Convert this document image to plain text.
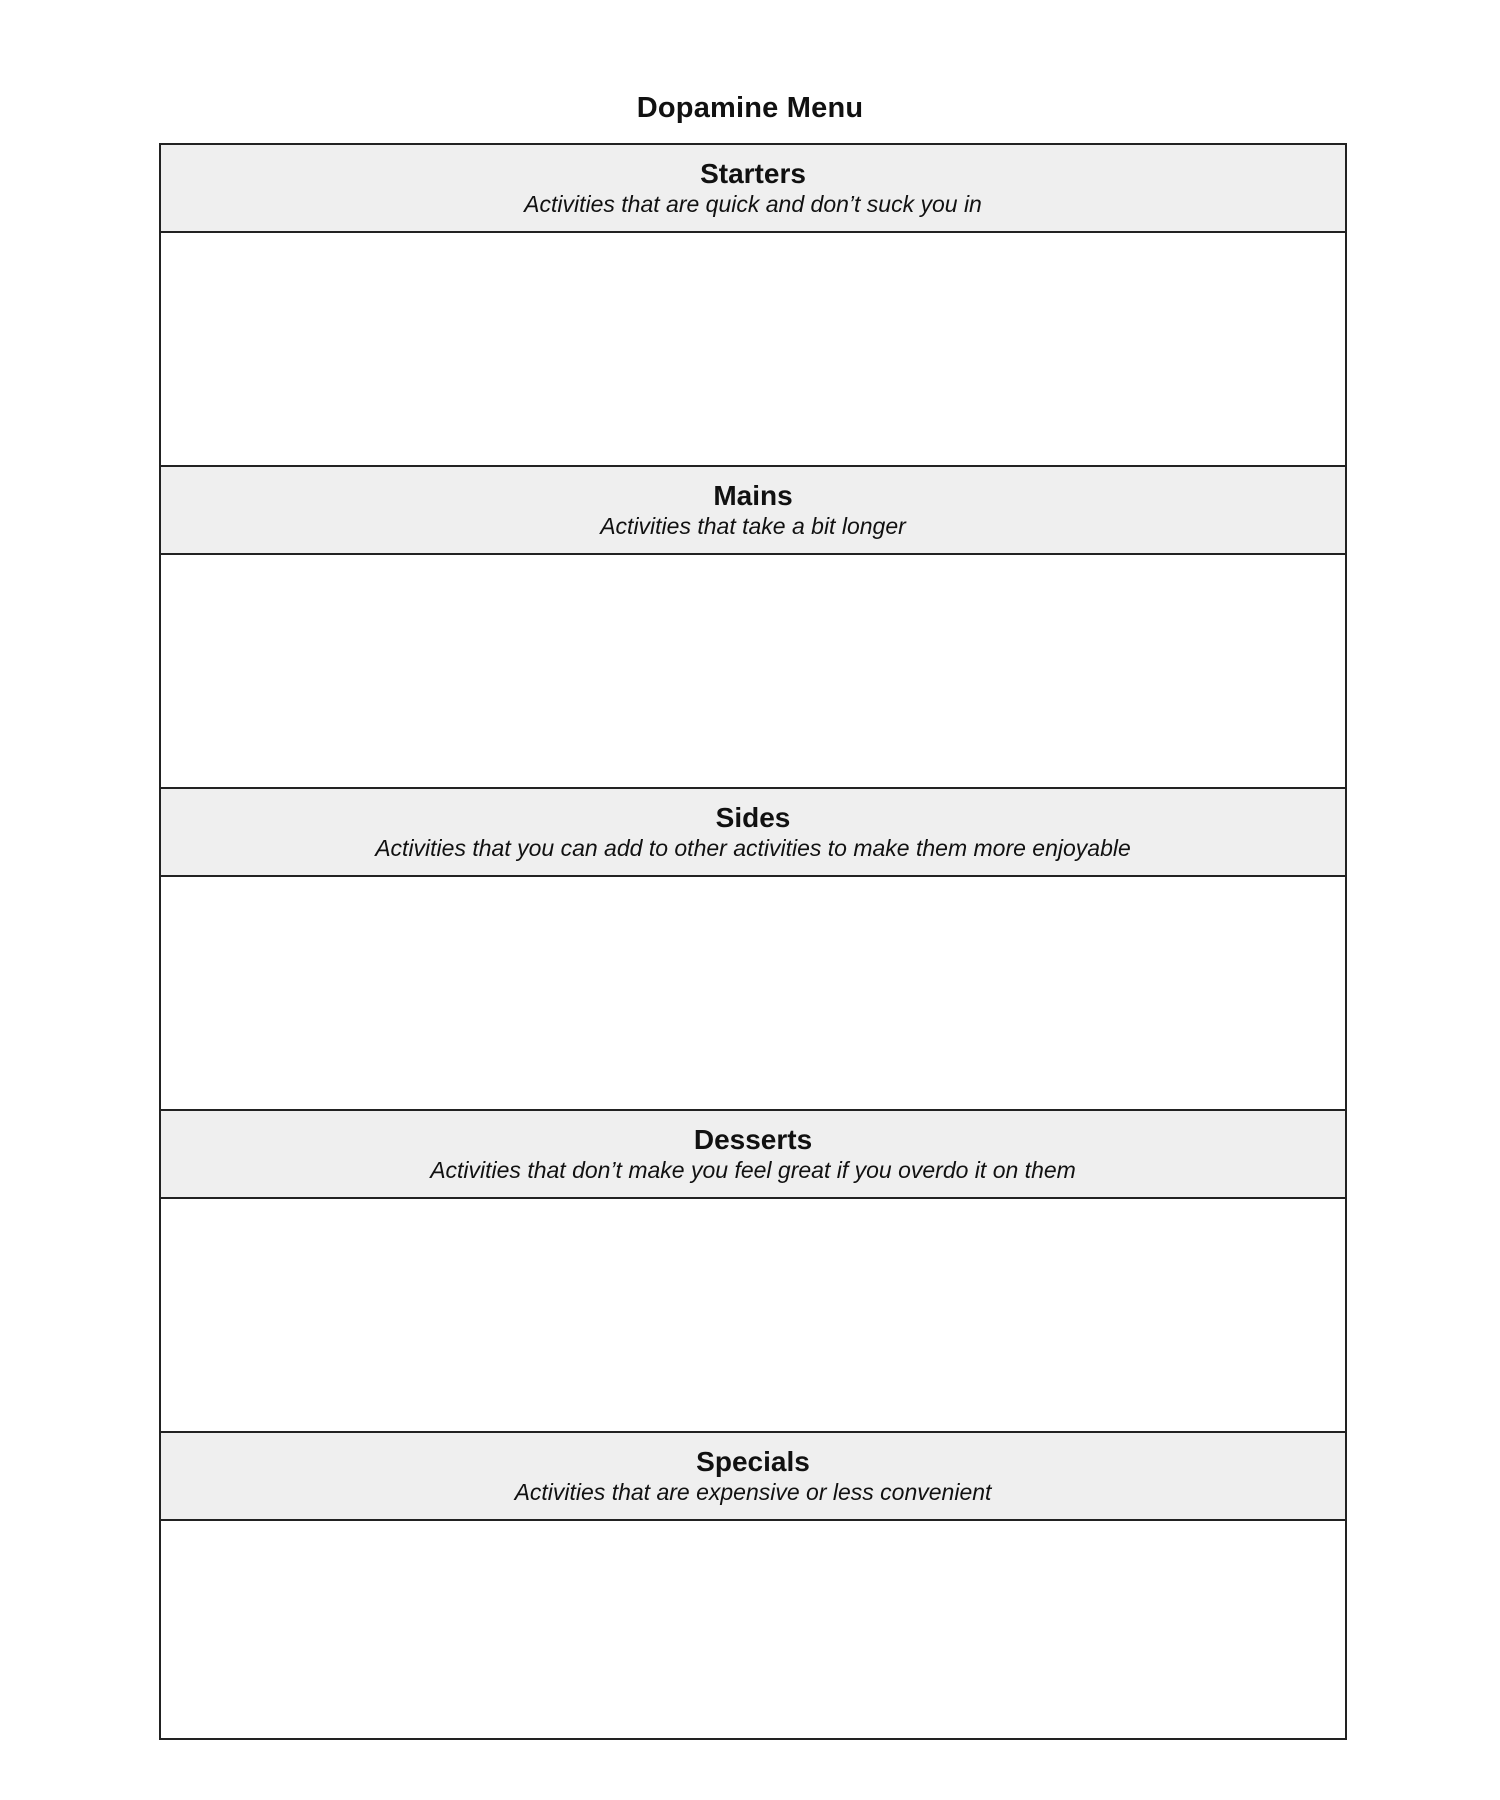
Dopamine Menu
Starters
Activities that are quick and don’t suck you in
Mains
Activities that take a bit longer
Sides
Activities that you can add to other activities to make them more enjoyable
Desserts
Activities that don’t make you feel great if you overdo it on them
Specials
Activities that are expensive or less convenient
